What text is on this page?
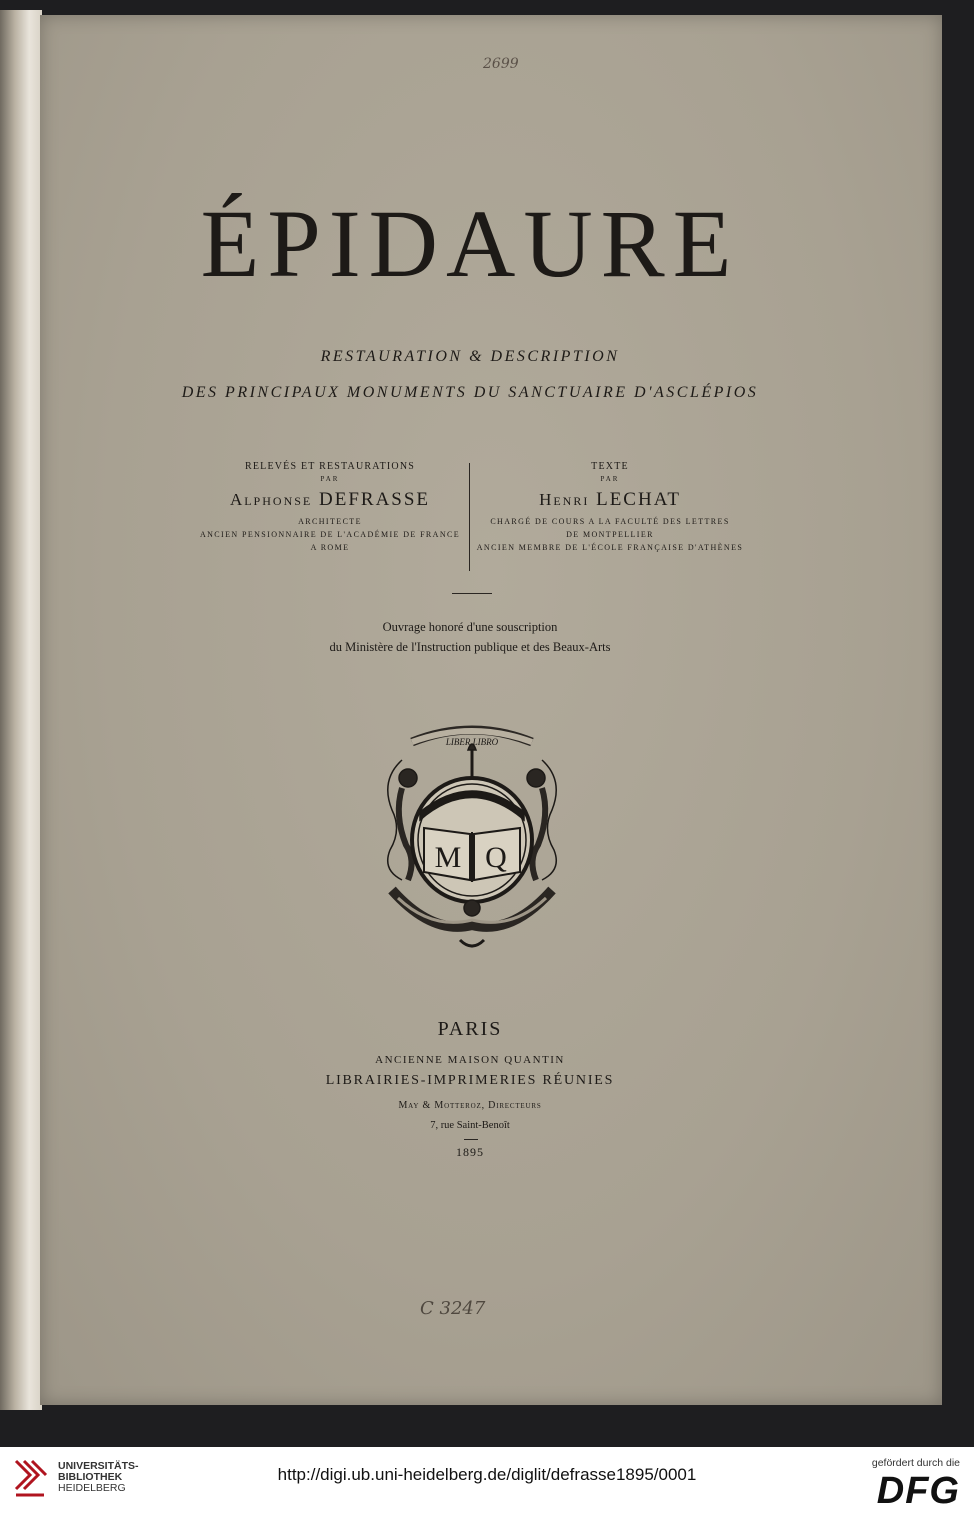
2699
ÉPIDAURE
RESTAURATION & DESCRIPTION
DES PRINCIPAUX MONUMENTS DU SANCTUAIRE D'ASCLÉPIOS
RELEVÉS ET RESTAURATIONS
PAR
Alphonse DEFRASSE
ARCHITECTE
ANCIEN PENSIONNAIRE DE L'ACADÉMIE DE FRANCE
A ROME
TEXTE
PAR
Henri LECHAT
CHARGÉ DE COURS A LA FACULTÉ DES LETTRES
DE MONTPELLIER
ANCIEN MEMBRE DE L'ÉCOLE FRANÇAISE D'ATHÈNES
Ouvrage honoré d'une souscription
du Ministère de l'Instruction publique et des Beaux-Arts
LIBER LIBRO
M Q
PARIS
ANCIENNE MAISON QUANTIN
LIBRAIRIES-IMPRIMERIES RÉUNIES
May & Motteroz, Directeurs
7, rue Saint-Benoît
1895
C 3247
UNIVERSITÄTS-
BIBLIOTHEK
HEIDELBERG
http://digi.ub.uni-heidelberg.de/diglit/defrasse1895/0001
gefördert durch die
DFG
